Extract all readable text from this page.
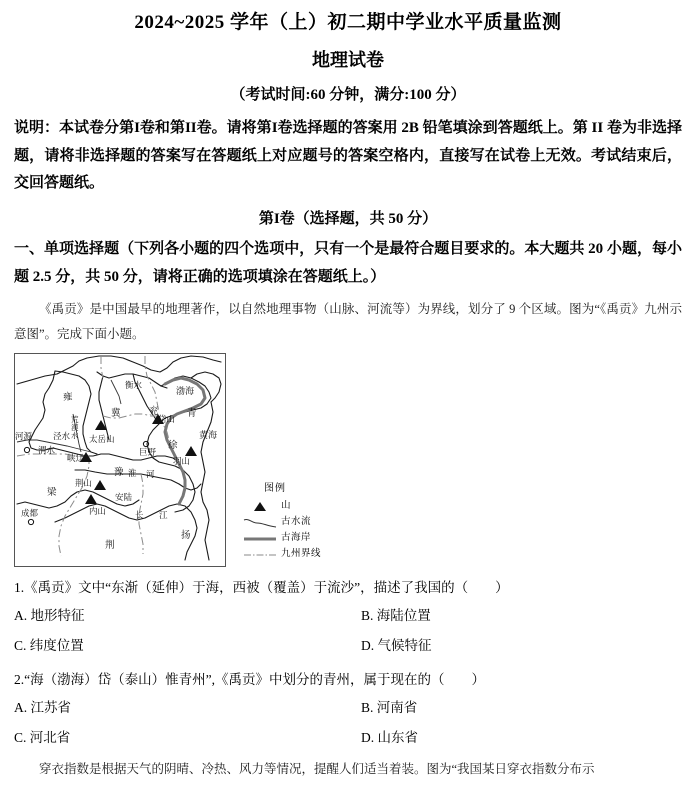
2024~2025 学年（上）初二期中学业水平质量监测
地理试卷
（考试时间:60 分钟，满分:100 分）
说明：本试卷分第I卷和第II卷。请将第I卷选择题的答案用 2B 铅笔填涂到答题纸上。第 II 卷为非选择题，请将非选择题的答案写在答题纸上对应题号的答案空格内，直接写在试卷上无效。考试结束后，交回答题纸。
第I卷（选择题，共 50 分）
一、单项选择题（下列各小题的四个选项中，只有一个是最符合题目要求的。本大题共 20 小题，每小题 2.5 分，共 50 分，请将正确的选项填涂在答题纸上。）
《禹贡》是中国最早的地理著作，以自然地理事物（山脉、河流等）为界线，划分了 9 个区域。图为“《禹贡》九州示意图”。完成下面小题。
雍
冀	兖	青
徐
豫
梁
荆
扬
渤海
黄海
衡水
泾水
渭水
河源
荒
漠
水 太岳山
峡迂
岱山
巨野
羽山
淮 河
荆山
安陆
内山	长 江
成都
图例
山
古水流
古海岸
九州界线
1.《禹贡》文中“东渐（延伸）于海，西被（覆盖）于流沙”，描述了我国的（　　）
A. 地形特征	B. 海陆位置
C. 纬度位置	D. 气候特征
2.“海（渤海）岱（泰山）惟青州”,《禹贡》中划分的青州，属于现在的（　　）
A. 江苏省	B. 河南省
C. 河北省	D. 山东省
穿衣指数是根据天气的阴晴、冷热、风力等情况，提醒人们适当着装。图为“我国某日穿衣指数分布示
